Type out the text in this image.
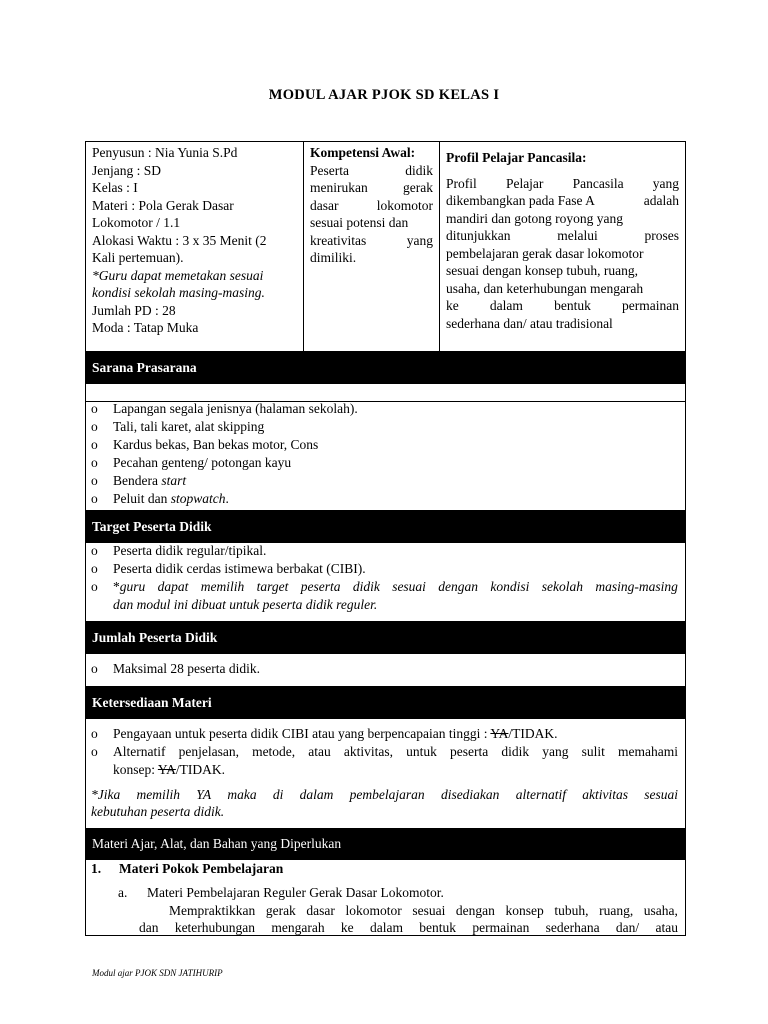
MODUL AJAR PJOK SD KELAS I
Penyusun : Nia Yunia S.Pd
Jenjang : SD
Kelas : I
Materi : Pola Gerak Dasar
Lokomotor / 1.1
Alokasi Waktu : 3 x 35 Menit (2
Kali pertemuan).
*Guru dapat memetakan sesuai
kondisi sekolah masing-masing.
Jumlah PD : 28
Moda : Tatap Muka
Kompetensi Awal:
Peserta	didik
menirukan	gerak
dasar	lokomotor
sesuai potensi dan
kreativitas	yang
dimiliki.
Profil Pelajar Pancasila:
Profil Pelajar Pancasila yang
dikembangkan pada Fase A	adalah
mandiri dan gotong royong yang
ditunjukkan	melalui	proses
pembelajaran gerak dasar lokomotor
sesuai dengan konsep tubuh, ruang,
usaha, dan keterhubungan mengarah
ke dalam bentuk permainan
sederhana dan/ atau tradisional
Sarana Prasarana
o	Lapangan segala jenisnya (halaman sekolah).
o	Tali, tali karet, alat skipping
o	Kardus bekas, Ban bekas motor, Cons
o	Pecahan genteng/ potongan kayu
o	Bendera start
o	Peluit dan stopwatch.
Target Peserta Didik
o	Peserta didik regular/tipikal.
o	Peserta didik cerdas istimewa berbakat (CIBI).
o	*guru dapat memilih target peserta didik sesuai dengan kondisi sekolah masing-masing
dan modul ini dibuat untuk peserta didik reguler.
Jumlah Peserta Didik
o	Maksimal 28 peserta didik.
Ketersediaan Materi
o	Pengayaan untuk peserta didik CIBI atau yang berpencapaian tinggi : YA/TIDAK.
o	Alternatif penjelasan, metode, atau aktivitas, untuk peserta didik yang sulit memahami
konsep: YA/TIDAK.
*Jika memilih YA maka di dalam pembelajaran disediakan alternatif aktivitas sesuai
kebutuhan peserta didik.
Materi Ajar, Alat, dan Bahan yang Diperlukan
1.	Materi Pokok Pembelajaran
a.	Materi Pembelajaran Reguler Gerak Dasar Lokomotor.
Mempraktikkan gerak dasar lokomotor sesuai dengan konsep tubuh, ruang, usaha,
dan keterhubungan mengarah ke dalam bentuk permainan sederhana dan/ atau
Modul ajar PJOK SDN JATIHURIP
